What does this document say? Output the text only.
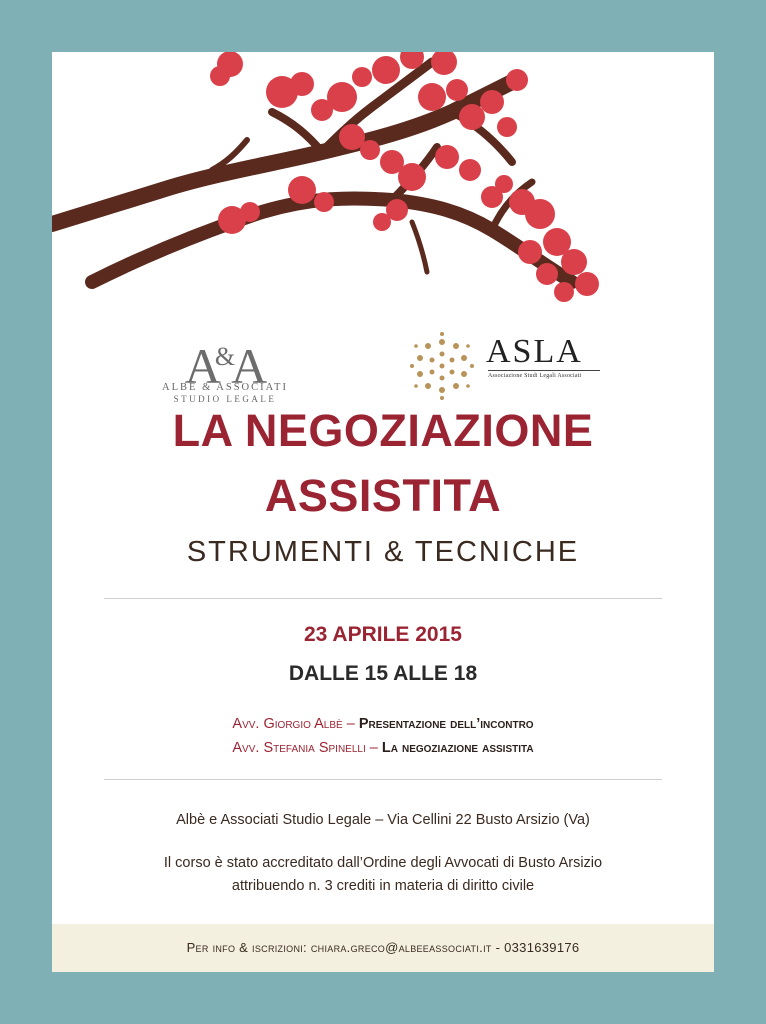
A&A
ALBÈ & ASSOCIATI
STUDIO LEGALE
ASLA
Associazione Studi Legali Associati
LA NEGOZIAZIONE
ASSISTITA
STRUMENTI & TECNICHE
23 APRILE 2015
DALLE 15 ALLE 18
Avv. Giorgio Albè – Presentazione dell’incontro
Avv. Stefania Spinelli – La negoziazione assistita
Albè e Associati Studio Legale – Via Cellini 22 Busto Arsizio (Va)
Il corso è stato accreditato dall’Ordine degli Avvocati di Busto Arsizio
attribuendo n. 3 crediti in materia di diritto civile
Per info & iscrizioni: chiara.greco@albeeassociati.it - 0331639176
